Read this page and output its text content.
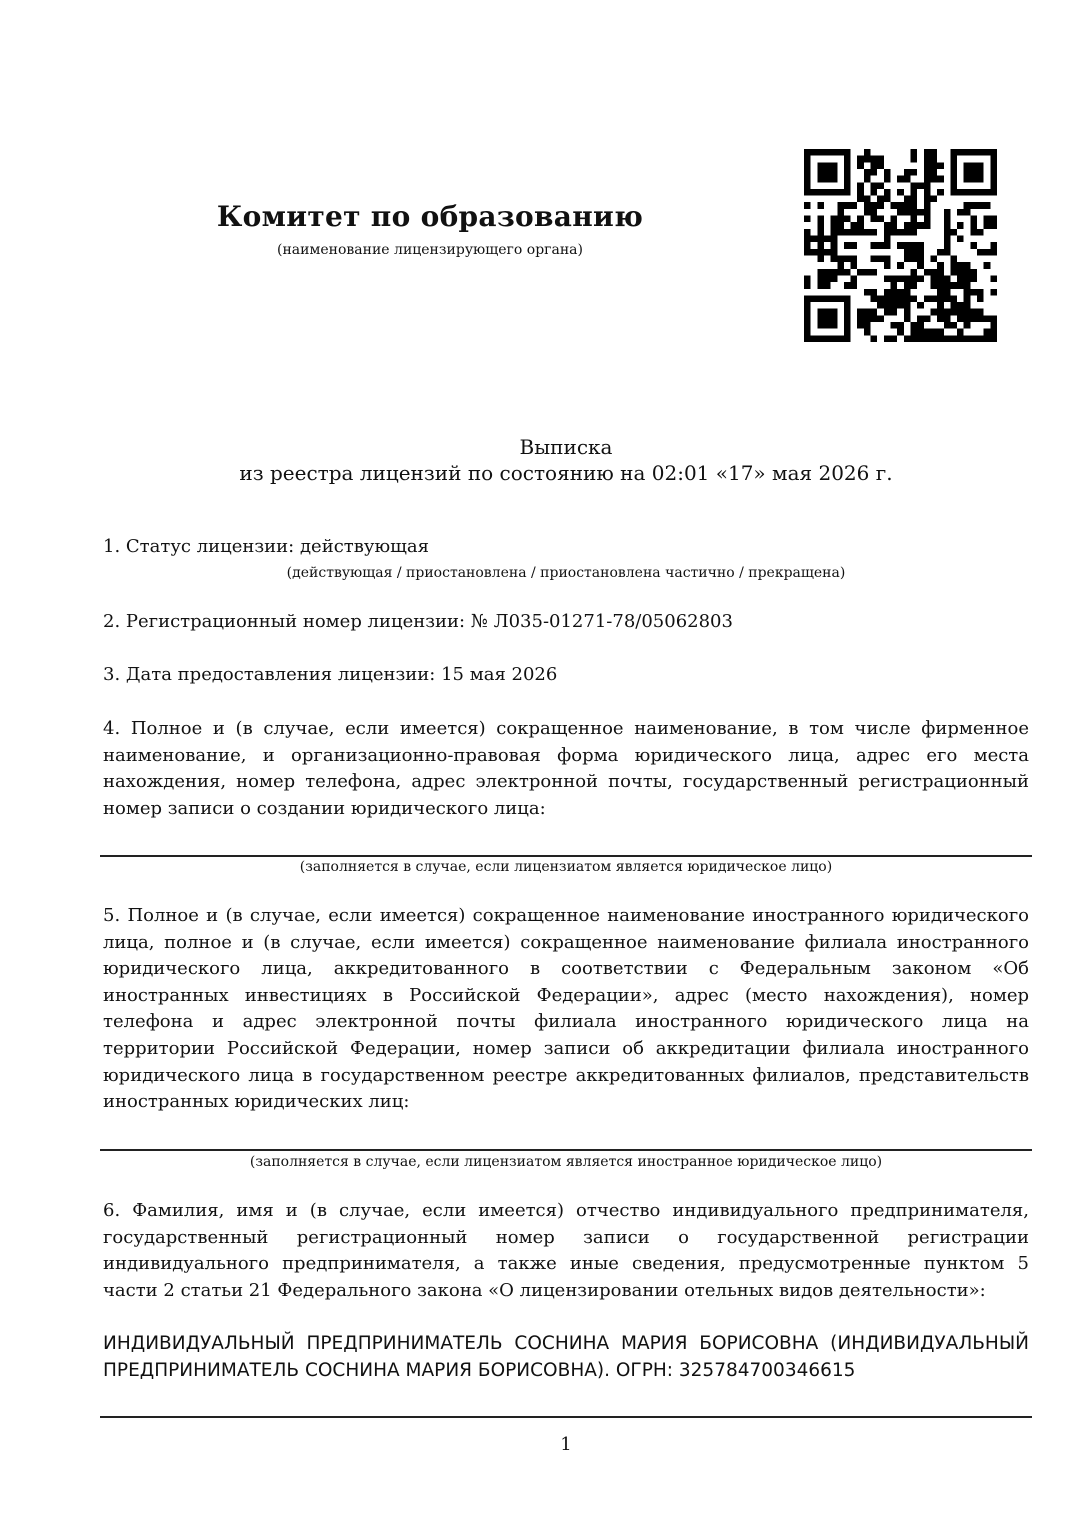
Комитет по образованию
(наименование лицензирующего органа)
Выписка
из реестра лицензий по состоянию на 02:01 «17» мая 2026 г.
1. Статус лицензии: действующая
(действующая / приостановлена / приостановлена частично / прекращена)
2. Регистрационный номер лицензии: № Л035-01271-78/05062803
3. Дата предоставления лицензии: 15 мая 2026
4. Полное и (в случае, если имеется) сокращенное наименование, в том числе фирменное наименование, и организационно-правовая форма юридического лица, адрес его места нахождения, номер телефона, адрес электронной почты, государственный регистрационный номер записи о создании юридического лица:
(заполняется в случае, если лицензиатом является юридическое лицо)
5. Полное и (в случае, если имеется) сокращенное наименование иностранного юридического лица, полное и (в случае, если имеется) сокращенное наименование филиала иностранного юридического лица, аккредитованного в соответствии с Федеральным законом «Об иностранных инвестициях в Российской Федерации», адрес (место нахождения), номер телефона и адрес электронной почты филиала иностранного юридического лица на территории Российской Федерации, номер записи об аккредитации филиала иностранного юридического лица в государственном реестре аккредитованных филиалов, представительств иностранных юридических лиц:
(заполняется в случае, если лицензиатом является иностранное юридическое лицо)
6. Фамилия, имя и (в случае, если имеется) отчество индивидуального предпринимателя, государственный регистрационный номер записи о государственной регистрации индивидуального предпринимателя, а также иные сведения, предусмотренные пунктом 5 части 2 статьи 21 Федерального закона «О лицензировании отельных видов деятельности»:
ИНДИВИДУАЛЬНЫЙ ПРЕДПРИНИМАТЕЛЬ СОСНИНА МАРИЯ БОРИСОВНА (ИНДИВИДУАЛЬНЫЙ ПРЕДПРИНИМАТЕЛЬ СОСНИНА МАРИЯ БОРИСОВНА). ОГРН: 325784700346615
1
